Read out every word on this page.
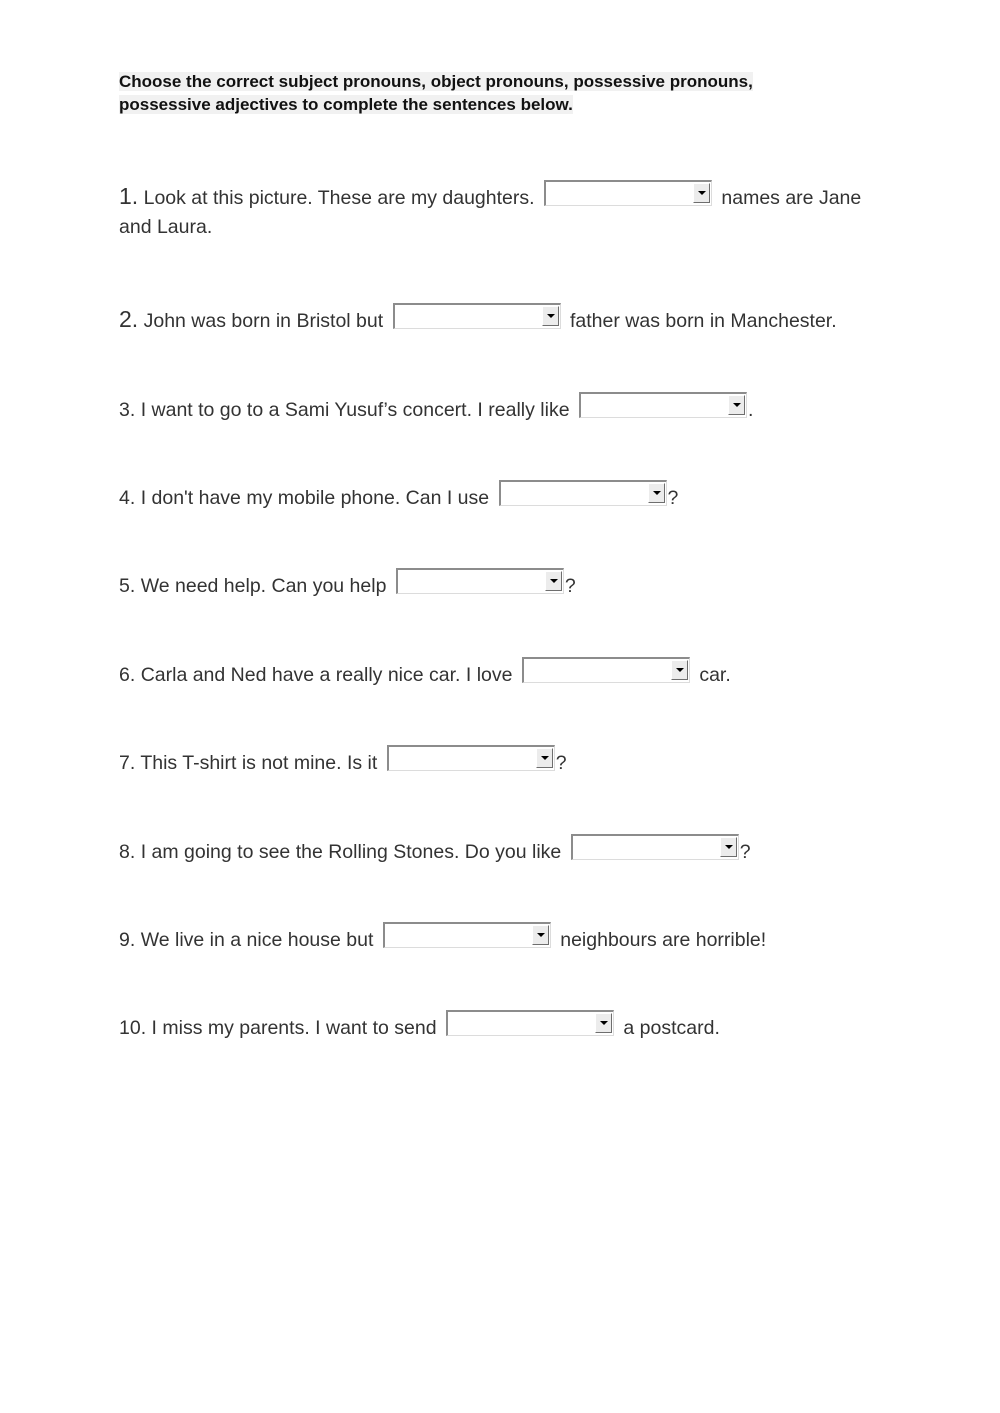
Choose the correct subject pronouns, object pronouns, possessive pronouns,
possessive adjectives to complete the sentences below.
1. Look at this picture. These are my daughters.	names are Jane and Laura.
2. John was born in Bristol but	father was born in Manchester.
3. I want to go to a Sami Yusuf’s concert. I really like	.
4. I don't have my mobile phone. Can I use	?
5. We need help. Can you help	?
6. Carla and Ned have a really nice car. I love	car.
7. This T-shirt is not mine. Is it	?
8. I am going to see the Rolling Stones. Do you like	?
9. We live in a nice house but	neighbours are horrible!
10. I miss my parents. I want to send	a postcard.
